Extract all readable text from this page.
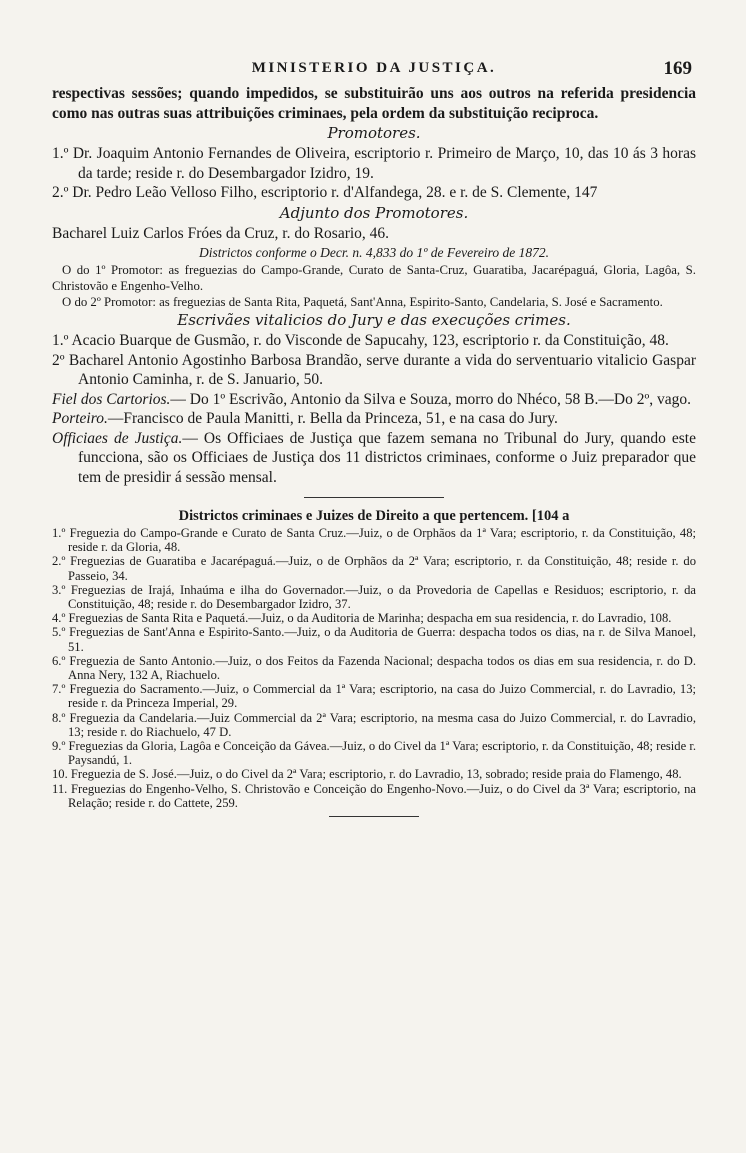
MINISTERIO DA JUSTIÇA.	169

respectivas sessões; quando impedidos, se substituirão uns aos outros na referida presidencia como nas outras suas attribuições criminaes, pela ordem da substituição reciproca.

Promotores.

1.º Dr. Joaquim Antonio Fernandes de Oliveira, escriptorio r. Primeiro de Março, 10, das 10 ás 3 horas da tarde; reside r. do Desembargador Izidro, 19.

2.º Dr. Pedro Leão Velloso Filho, escriptorio r. d'Alfandega, 28. e r. de S. Clemente, 147

Adjunto dos Promotores.

Bacharel Luiz Carlos Fróes da Cruz, r. do Rosario, 46.

Districtos conforme o Decr. n. 4,833 do 1º de Fevereiro de 1872.

O do 1º Promotor: as freguezias do Campo-Grande, Curato de Santa-Cruz, Guaratiba, Jacarépaguá, Gloria, Lagôa, S. Christovão e Engenho-Velho.

O do 2º Promotor: as freguezias de Santa Rita, Paquetá, Sant'Anna, Espirito-Santo, Candelaria, S. José e Sacramento.

Escrivães vitalicios do Jury e das execuções crimes.

1.º Acacio Buarque de Gusmão, r. do Visconde de Sapucahy, 123, escriptorio r. da Constituição, 48.

2º Bacharel Antonio Agostinho Barbosa Brandão, serve durante a vida do serventuario vitalicio Gaspar Antonio Caminha, r. de S. Januario, 50.

Fiel dos Cartorios.— Do 1º Escrivão, Antonio da Silva e Souza, morro do Nhéco, 58 B.—Do 2º, vago.

Porteiro.—Francisco de Paula Manitti, r. Bella da Princeza, 51, e na casa do Jury.

Officiaes de Justiça.— Os Officiaes de Justiça que fazem semana no Tribunal do Jury, quando este funcciona, são os Officiaes de Justiça dos 11 districtos criminaes, conforme o Juiz preparador que tem de presidir á sessão mensal.

Districtos criminaes e Juizes de Direito a que pertencem. [104 a

1.º Freguezia do Campo-Grande e Curato de Santa Cruz.—Juiz, o de Orphãos da 1ª Vara; escriptorio, r. da Constituição, 48; reside r. da Gloria, 48.

2.º Freguezias de Guaratiba e Jacarépaguá.—Juiz, o de Orphãos da 2ª Vara; escriptorio, r. da Constituição, 48; reside r. do Passeio, 34.

3.º Freguezias de Irajá, Inhaúma e ilha do Governador.—Juiz, o da Provedoria de Capellas e Residuos; escriptorio, r. da Constituição, 48; reside r. do Desembargador Izidro, 37.

4.º Freguezias de Santa Rita e Paquetá.—Juiz, o da Auditoria de Marinha; despacha em sua residencia, r. do Lavradio, 108.

5.º Freguezias de Sant'Anna e Espirito-Santo.—Juiz, o da Auditoria de Guerra: despacha todos os dias, na r. de Silva Manoel, 51.

6.º Freguezia de Santo Antonio.—Juiz, o dos Feitos da Fazenda Nacional; despacha todos os dias em sua residencia, r. do D. Anna Nery, 132 A, Riachuelo.

7.º Freguezia do Sacramento.—Juiz, o Commercial da 1ª Vara; escriptorio, na casa do Juizo Commercial, r. do Lavradio, 13; reside r. da Princeza Imperial, 29.

8.º Freguezia da Candelaria.—Juiz Commercial da 2ª Vara; escriptorio, na mesma casa do Juizo Commercial, r. do Lavradio, 13; reside r. do Riachuelo, 47 D.

9.º Freguezias da Gloria, Lagôa e Conceição da Gávea.—Juiz, o do Civel da 1ª Vara; escriptorio, r. da Constituição, 48; reside r. Paysandú, 1.

10. Freguezia de S. José.—Juiz, o do Civel da 2ª Vara; escriptorio, r. do Lavradio, 13, sobrado; reside praia do Flamengo, 48.

11. Freguezias do Engenho-Velho, S. Christovão e Conceição do Engenho-Novo.—Juiz, o do Civel da 3ª Vara; escriptorio, na Relação; reside r. do Cattete, 259.
